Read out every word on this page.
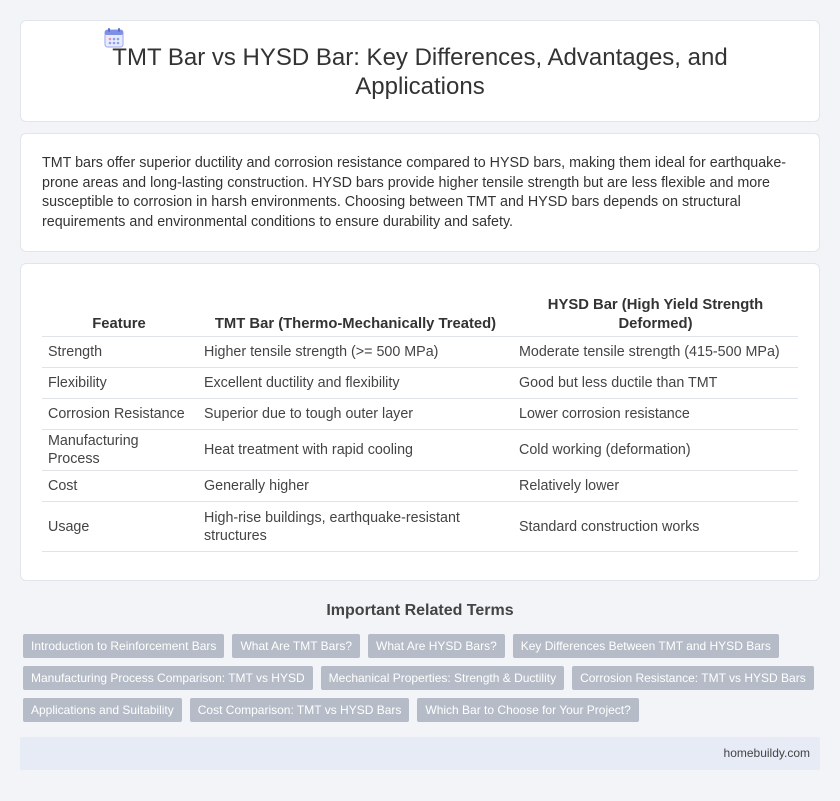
TMT Bar vs HYSD Bar: Key Differences, Advantages, and Applications

TMT bars offer superior ductility and corrosion resistance compared to HYSD bars, making them ideal for earthquake-prone areas and long-lasting construction. HYSD bars provide higher tensile strength but are less flexible and more susceptible to corrosion in harsh environments. Choosing between TMT and HYSD bars depends on structural requirements and environmental conditions to ensure durability and safety.

Feature	TMT Bar (Thermo-Mechanically Treated)	HYSD Bar (High Yield Strength Deformed)
Strength	Higher tensile strength (>= 500 MPa)	Moderate tensile strength (415-500 MPa)
Flexibility	Excellent ductility and flexibility	Good but less ductile than TMT
Corrosion Resistance	Superior due to tough outer layer	Lower corrosion resistance
Manufacturing Process	Heat treatment with rapid cooling	Cold working (deformation)
Cost	Generally higher	Relatively lower
Usage	High-rise buildings, earthquake-resistant structures	Standard construction works
Important Related Terms
Introduction to Reinforcement Bars	What Are TMT Bars?	What Are HYSD Bars?	Key Differences Between TMT and HYSD Bars
Manufacturing Process Comparison: TMT vs HYSD	Mechanical Properties: Strength & Ductility	Corrosion Resistance: TMT vs HYSD Bars
Applications and Suitability	Cost Comparison: TMT vs HYSD Bars	Which Bar to Choose for Your Project?
homebuildy.com
